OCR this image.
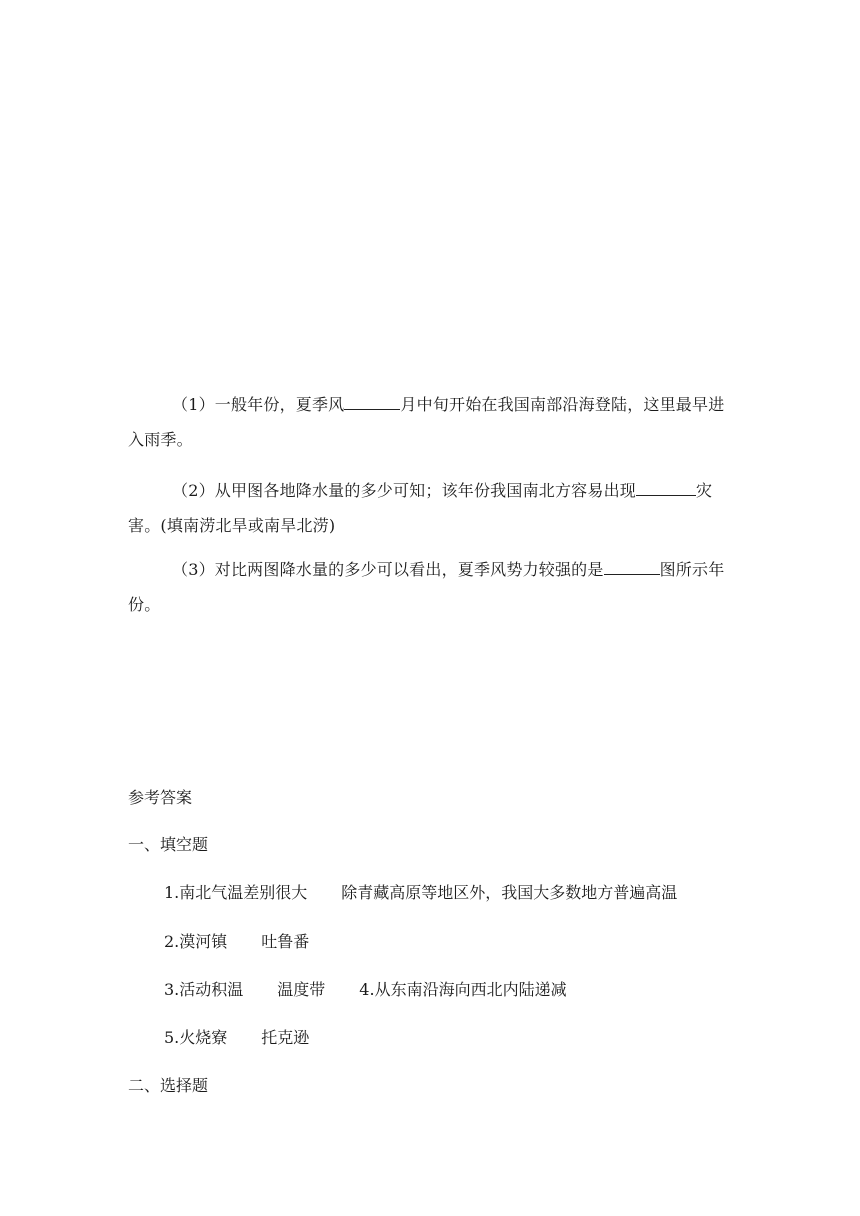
（1）一般年份，夏季风	月中旬开始在我国南部沿海登陆，这里最早进入雨季。

（2）从甲图各地降水量的多少可知；该年份我国南北方容易出现	灾害。(填南涝北旱或南旱北涝)

（3）对比两图降水量的多少可以看出，夏季风势力较强的是	图所示年份。

参考答案
一、填空题
1.南北气温差别很大 除青藏高原等地区外，我国大多数地方普遍高温
2.漠河镇 吐鲁番
3.活动积温 温度带 4.从东南沿海向西北内陆递减
5.火烧寮 托克逊
二、选择题
